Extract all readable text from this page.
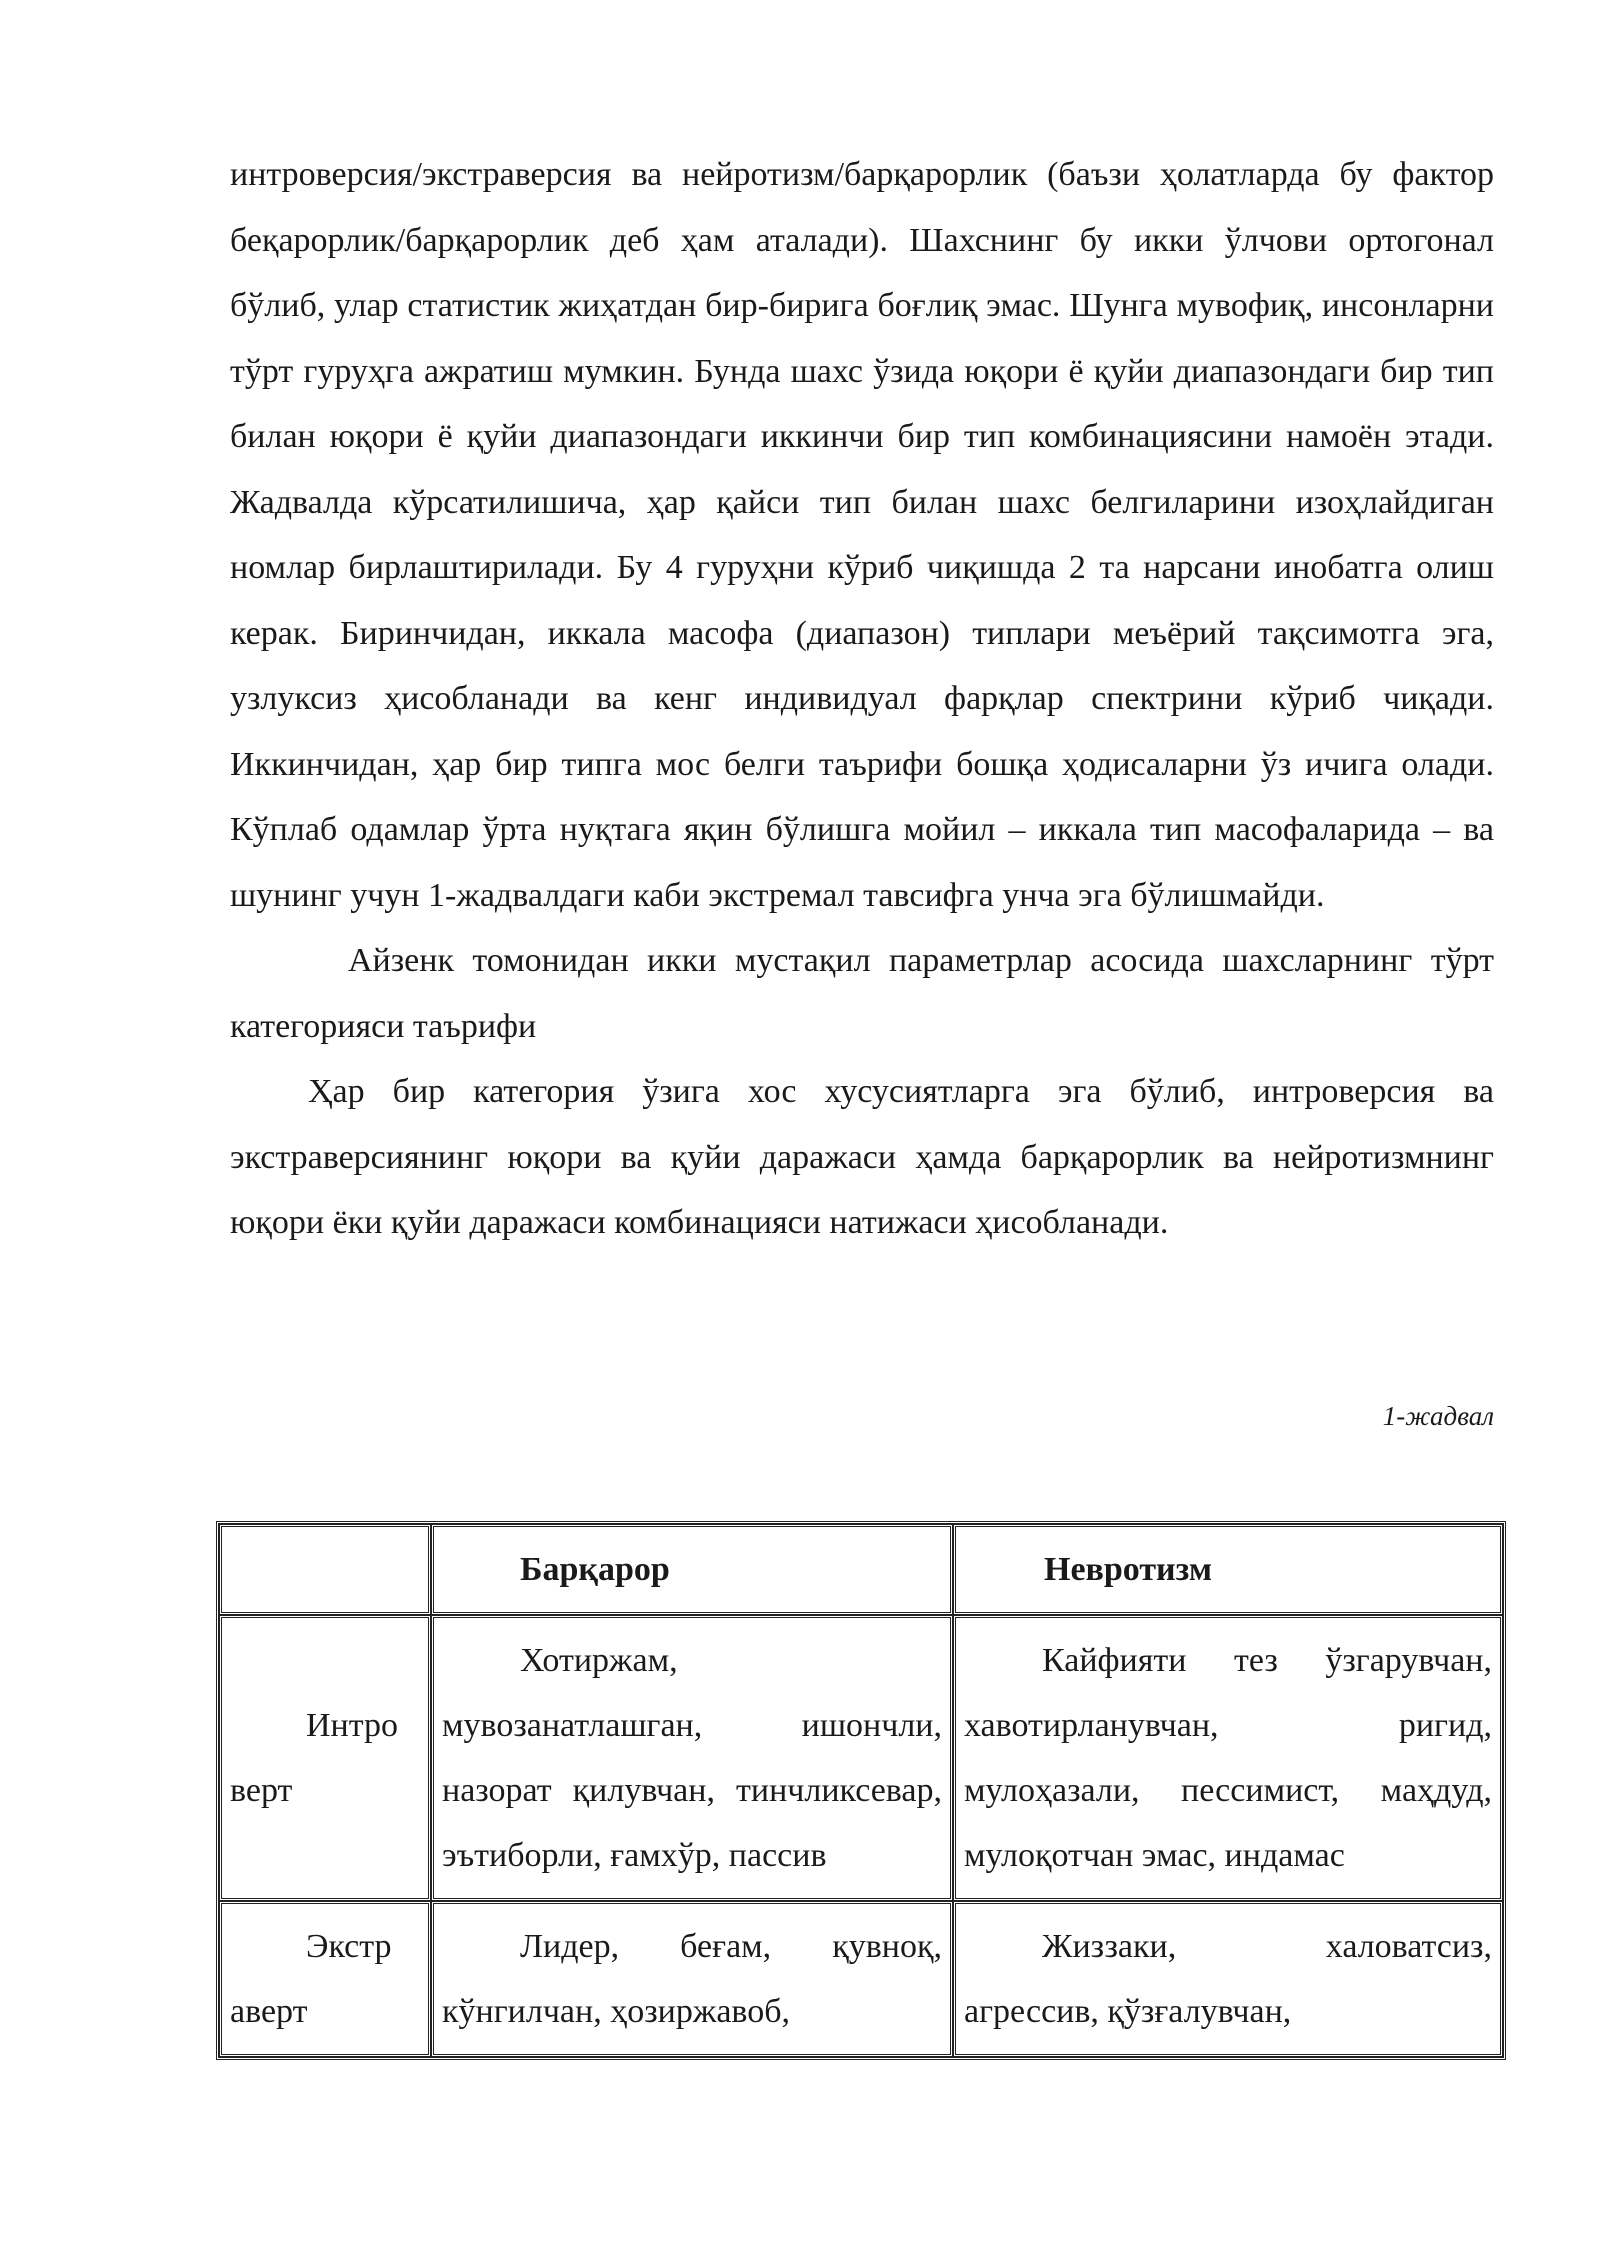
интроверсия/экстраверсия ва нейротизм/барқарорлик (баъзи ҳолатларда бу фактор беқарорлик/барқарорлик деб ҳам аталади). Шахснинг бу икки ўлчови ортогонал бўлиб, улар статистик жиҳатдан бир-бирига боғлиқ эмас. Шунга мувофиқ, инсонларни тўрт гуруҳга ажратиш мумкин. Бунда шахс ўзида юқори ё қуйи диапазондаги бир тип билан юқори ё қуйи диапазондаги иккинчи бир тип комбинациясини намоён этади. Жадвалда кўрсатилишича, ҳар қайси тип билан шахс белгиларини изоҳлайдиган номлар бирлаштирилади. Бу 4 гуруҳни кўриб чиқишда 2 та нарсани инобатга олиш керак. Биринчидан, иккала масофа (диапазон) типлари меъёрий тақсимотга эга, узлуксиз ҳисобланади ва кенг индивидуал фарқлар спектрини кўриб чиқади. Иккинчидан, ҳар бир типга мос белги таърифи бошқа ҳодисаларни ўз ичига олади. Кўплаб одамлар ўрта нуқтага яқин бўлишга мойил – иккала тип масофаларида – ва шунинг учун 1-жадвалдаги каби экстремал тавсифга унча эга бўлишмайди.

Айзенк томонидан икки мустақил параметрлар асосида шахсларнинг тўрт категорияси таърифи

Ҳар бир категория ўзига хос хусусиятларга эга бўлиб, интроверсия ва экстраверсиянинг юқори ва қуйи даражаси ҳамда барқарорлик ва нейротизмнинг юқори ёки қуйи даражаси комбинацияси натижаси ҳисобланади.

1-жадвал

	Барқарор	Невротизм

Интро верт	Хотиржам, мувозанатлашган, ишончли, назорат қилувчан, тинчликсевар, эътиборли, ғамхўр, пассив	Кайфияти тез ўзгарувчан, хавотирланувчан, ригид, мулоҳазали, пессимист, маҳдуд, мулоқотчан эмас, индамас

Экстр аверт	Лидер, беғам, қувноқ, кўнгилчан, ҳозиржавоб,	Жиззаки, халоватсиз, агрессив, қўзғалувчан,
